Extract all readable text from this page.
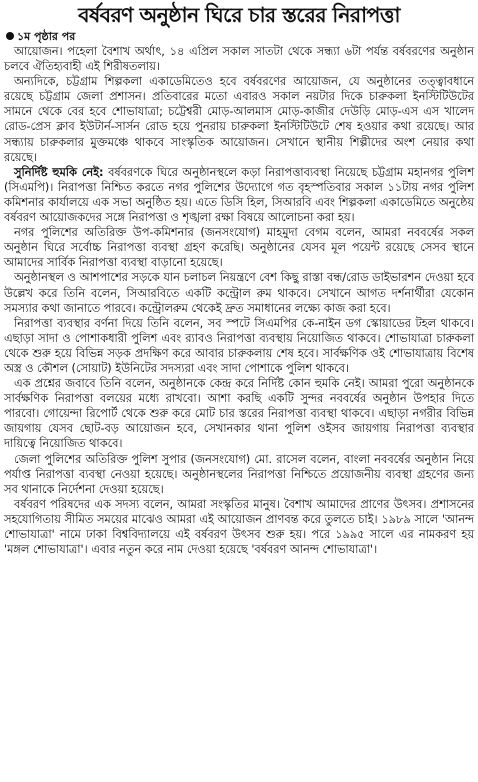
বর্ষবরণ অনুষ্ঠান ঘিরে চার স্তরের নিরাপত্তা
১ম পৃষ্ঠার পর

আয়োজন। পহেলা বৈশাখ অর্থাৎ, ১৪ এপ্রিল সকাল সাতটা থেকে সন্ধ্যা ৬টা পর্যন্ত বর্ষবরণের অনুষ্ঠান চলবে ঐতিহ্যবাহী এই শিরীষতলায়।

অন্যদিকে, চট্টগ্রাম শিল্পকলা একাডেমিতেও হবে বর্ষবরণের আয়োজন, যে অনুষ্ঠানের তত্ত্বাবধানে রয়েছে চট্টগ্রাম জেলা প্রশাসন। প্রতিবারের মতো এবারও সকাল নয়টার দিকে চারুকলা ইনস্টিটিউটের সামনে থেকে বের হবে শোভাযাত্রা; চট্টেশ্বরী মোড়-আলমাস মোড়-কাজীর দেউড়ি মোড়-এস এস খালেদ রোড-প্রেস ক্লাব ইউটার্ন-সার্সন রোড হয়ে পুনরায় চারুকলা ইনস্টিটিউটে শেষ হওয়ার কথা রয়েছে। আর সন্ধ্যায় চারুকলার মুক্তমঞ্চে থাকবে সাংস্কৃতিক আয়োজন। সেখানে স্থানীয় শিল্পীদের অংশ নেয়ার কথা রয়েছে।

সুনির্দিষ্ট হুমকি নেই: বর্ষবরণকে ঘিরে অনুষ্ঠানস্থলে কড়া নিরাপত্তাব্যবস্থা নিয়েছে চট্টগ্রাম মহানগর পুলিশ (সিএমপি)। নিরাপত্তা নিশ্চিত করতে নগর পুলিশের উদ্যোগে গত বৃহস্পতিবার সকাল ১১টায় নগর পুলিশ কমিশনার কার্যালয়ে এক সভা অনুষ্ঠিত হয়। এতে ডিসি হিল, সিআরবি এবং শিল্পকলা একাডেমিতে অনুষ্ঠেয় বর্ষবরণ আয়োজকদের সঙ্গে নিরাপত্তা ও শৃঙ্খলা রক্ষা বিষয়ে আলোচনা করা হয়।

নগর পুলিশের অতিরিক্ত উপ-কমিশনার (জনসংযোগ) মাহমুদা বেগম বলেন, আমরা নববর্ষের সকল অনুষ্ঠান ঘিরে সর্বোচ্চ নিরাপত্তা ব্যবস্থা গ্রহণ করেছি। অনুষ্ঠানের যেসব মূল পয়েন্ট রয়েছে সেসব স্থানে আমাদের সার্বিক নিরাপত্তা ব্যবস্থা বাড়ানো হয়েছে।

অনুষ্ঠানস্থল ও আশপাশের সড়কে যান চলাচল নিয়ন্ত্রণে বেশ কিছু রাস্তা বন্ধ/রোড ডাইভারশন দেওয়া হবে উল্লেখ করে তিনি বলেন, সিআরবিতে একটি কন্ট্রোল রুম থাকবে। সেখানে আগত দর্শনার্থীরা যেকোন সমস্যার কথা জানাতে পারবে। কন্ট্রোলরুম থেকেই দ্রুত সমাধানের লক্ষ্যে কাজ করা হবে।

নিরাপত্তা ব্যবস্থার বর্ণনা দিয়ে তিনি বলেন, সব স্পটে সিএমপির কে-নাইন ডগ স্কোয়াডের টহল থাকবে। এছাড়া সাদা ও পোশাকধারী পুলিশ এবং র‌্যাবও নিরাপত্তা ব্যবস্থায় নিয়োজিত থাকবে। শোভাযাত্রা চারুকলা থেকে শুরু হয়ে বিভিন্ন সড়ক প্রদক্ষিণ করে আবার চারুকলায় শেষ হবে। সার্বক্ষণিক ওই শোভাযাত্রায় বিশেষ অস্ত্র ও কৌশল (সোয়াট) ইউনিটের সদস্যরা এবং সাদা পোশাকে পুলিশ থাকবে।

এক প্রশ্নের জবাবে তিনি বলেন, অনুষ্ঠানকে কেন্দ্র করে নির্দিষ্ট কোন হুমকি নেই। আমরা পুরো অনুষ্ঠানকে সার্বক্ষণিক নিরাপত্তা বলয়ের মধ্যে রাখবো। আশা করছি একটি সুন্দর নববর্ষের অনুষ্ঠান উপহার দিতে পারবো। গোয়েন্দা রিপোর্ট থেকে শুরু করে মোট চার স্তরের নিরাপত্তা ব্যবস্থা থাকবে। এছাড়া নগরীর বিভিন্ন জায়গায় যেসব ছোট-বড় আয়োজন হবে, সেখানকার থানা পুলিশ ওইসব জায়গায় নিরাপত্তা ব্যবস্থার দায়িত্বে নিয়োজিত থাকবে।

জেলা পুলিশের অতিরিক্ত পুলিশ সুপার (জনসংযোগ) মো. রাসেল বলেন, বাংলা নববর্ষের অনুষ্ঠান নিয়ে পর্যাপ্ত নিরাপত্তা ব্যবস্থা নেওয়া হয়েছে। অনুষ্ঠানস্থলের নিরাপত্তা নিশ্চিতে প্রয়োজনীয় ব্যবস্থা গ্রহণের জন্য সব থানাকে নির্দেশনা দেওয়া হয়েছে।

বর্ষবরণ পরিষদের এক সদস্য বলেন, আমরা সংস্কৃতির মানুষ। বৈশাখ আমাদের প্রাণের উৎসব। প্রশাসনের সহযোগিতায় সীমিত সময়ের মাঝেও আমরা এই আয়োজন প্রাণবন্ত করে তুলতে চাই। ১৯৮৯ সালে 'আনন্দ শোভাযাত্রা' নামে ঢাকা বিশ্ববিদ্যালয়ে এই বর্ষবরণ উৎসব শুরু হয়। পরে ১৯৯৫ সালে এর নামকরণ হয় 'মঙ্গল শোভাযাত্রা'। এবার নতুন করে নাম দেওয়া হয়েছে 'বর্ষবরণ আনন্দ শোভাযাত্রা'।
